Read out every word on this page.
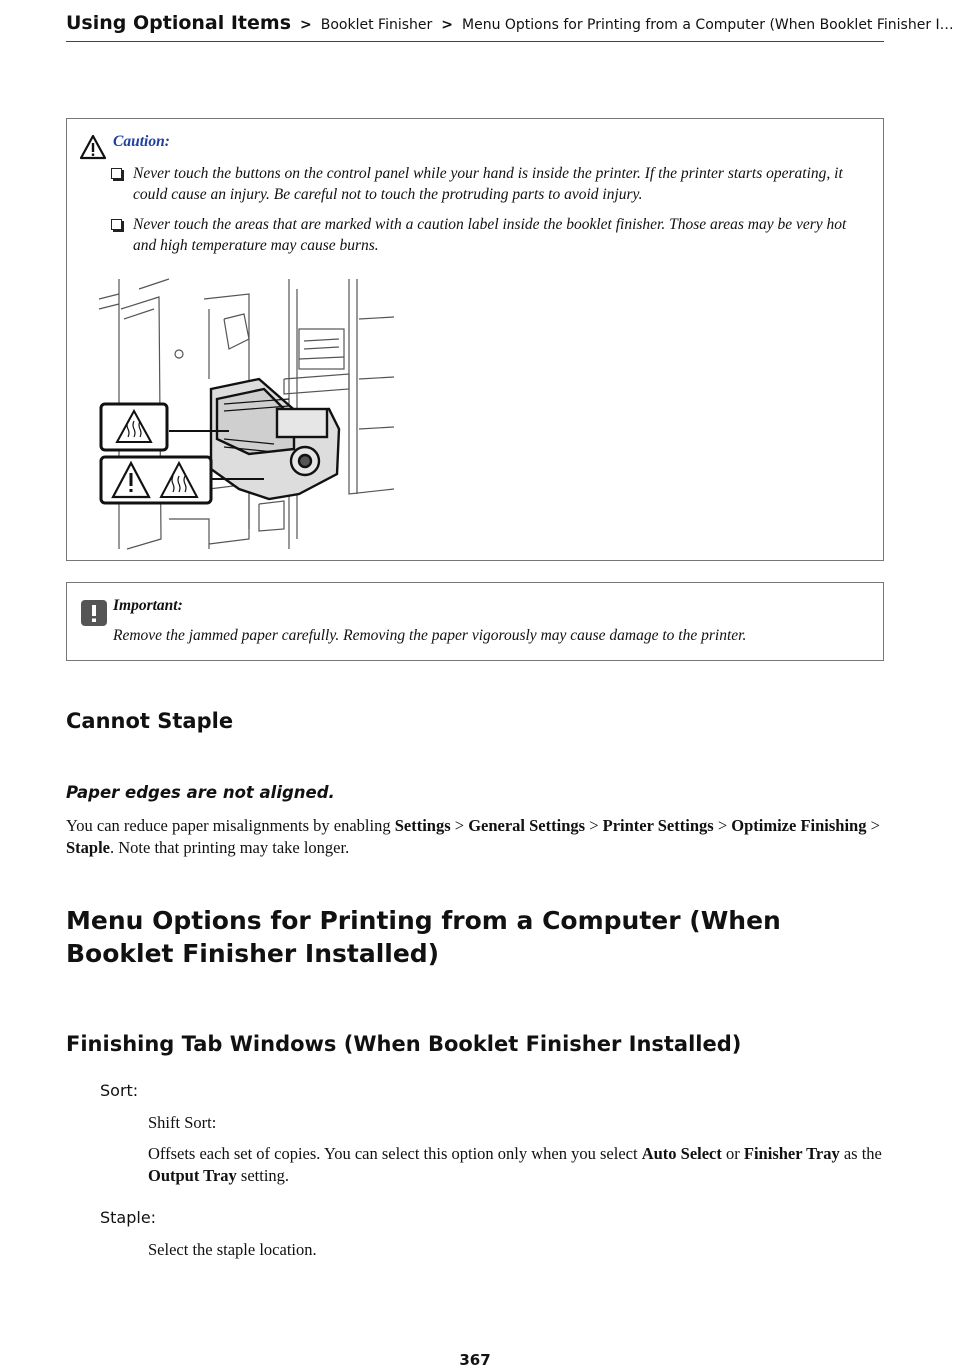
Using Optional Items > Booklet Finisher > Menu Options for Printing from a Computer (When Booklet Finisher I…
Caution:
Never touch the buttons on the control panel while your hand is inside the printer. If the printer starts operating, it could cause an injury. Be careful not to touch the protruding parts to avoid injury.
Never touch the areas that are marked with a caution label inside the booklet finisher. Those areas may be very hot and high temperature may cause burns.
Important:
Remove the jammed paper carefully. Removing the paper vigorously may cause damage to the printer.
Cannot Staple
Paper edges are not aligned.

You can reduce paper misalignments by enabling Settings > General Settings > Printer Settings > Optimize Finishing > Staple. Note that printing may take longer.

Menu Options for Printing from a Computer (When Booklet Finisher Installed)
Finishing Tab Windows (When Booklet Finisher Installed)
Sort:
Shift Sort:

Offsets each set of copies. You can select this option only when you select Auto Select or Finisher Tray as the Output Tray setting.

Staple:
Select the staple location.
367
